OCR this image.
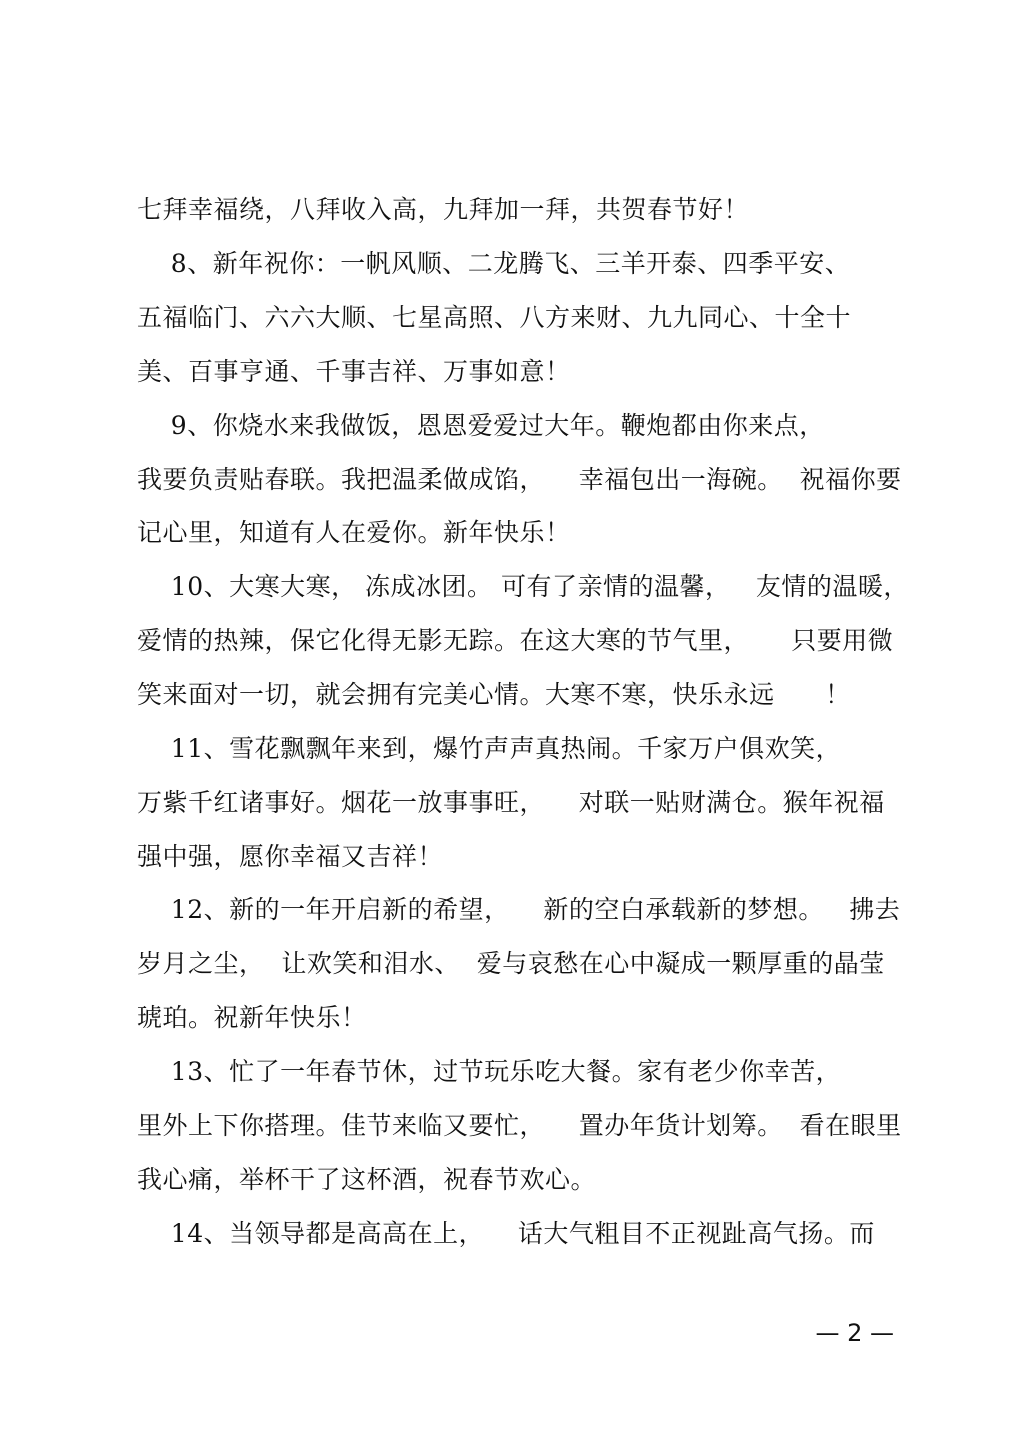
七拜幸福绕，八拜收入高，九拜加一拜，共贺春节好！
8、新年祝你：一帆风顺、二龙腾飞、三羊开泰、四季平安、
五福临门、六六大顺、七星高照、八方来财、九九同心、十全十
美、百事亨通、千事吉祥、万事如意！
9、你烧水来我做饭，恩恩爱爱过大年。鞭炮都由你来点，
我要负责贴春联。我把温柔做成馅，    幸福包出一海碗。  祝福你要
记心里，知道有人在爱你。新年快乐！
10、大寒大寒， 冻成冰团。 可有了亲情的温馨，   友情的温暖，
爱情的热辣，保它化得无影无踪。在这大寒的节气里，     只要用微
笑来面对一切，就会拥有完美心情。大寒不寒，快乐永远      ！
11、雪花飘飘年来到，爆竹声声真热闹。千家万户俱欢笑，
万紫千红诸事好。烟花一放事事旺，    对联一贴财满仓。猴年祝福
强中强，愿你幸福又吉祥！
12、新的一年开启新的希望，    新的空白承载新的梦想。   拂去
岁月之尘，  让欢笑和泪水、  爱与哀愁在心中凝成一颗厚重的晶莹
琥珀。祝新年快乐！
13、忙了一年春节休，过节玩乐吃大餐。家有老少你幸苦，
里外上下你搭理。佳节来临又要忙，    置办年货计划筹。  看在眼里
我心痛，举杯干了这杯酒，祝春节欢心。
14、当领导都是高高在上，    话大气粗目不正视趾高气扬。而
— 2 —
